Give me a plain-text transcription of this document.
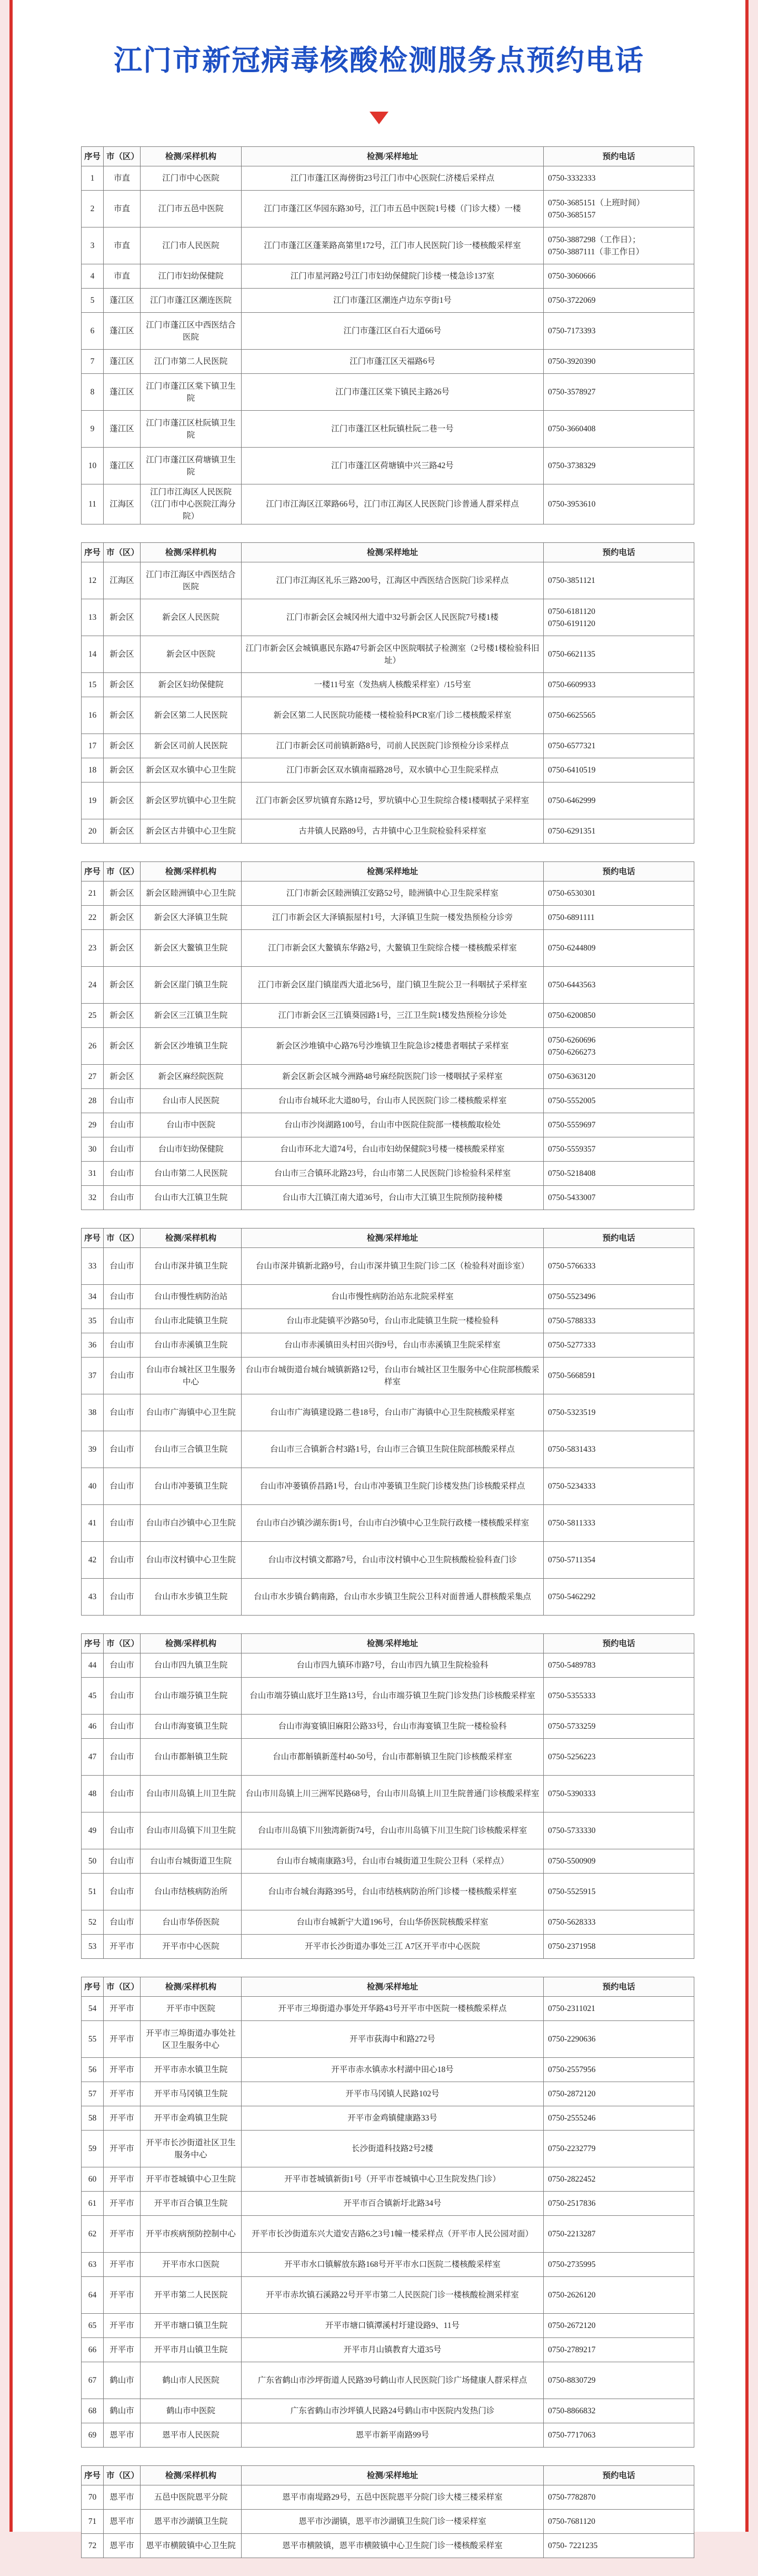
江门市新冠病毒核酸检测服务点预约电话
序号	市（区）	检测/采样机构	检测/采样地址	预约电话
1	市直	江门市中心医院	江门市蓬江区海傍街23号江门市中心医院仁济楼后采样点	0750-3332333
2	市直	江门市五邑中医院	江门市蓬江区华园东路30号，江门市五邑中医院1号楼（门诊大楼）一楼	0750-3685151（上班时间）
0750-3685157
3	市直	江门市人民医院	江门市蓬江区蓬莱路高第里172号，江门市人民医院门诊一楼核酸采样室	0750-3887298（工作日）；
0750-3887111（非工作日）
4	市直	江门市妇幼保健院	江门市星河路2号江门市妇幼保健院门诊楼一楼急诊137室	0750-3060666
5	蓬江区	江门市蓬江区潮连医院	江门市蓬江区潮连卢边东亨街1号	0750-3722069
6	蓬江区	江门市蓬江区中西医结合医院	江门市蓬江区白石大道66号	0750-7173393
7	蓬江区	江门市第二人民医院	江门市蓬江区天福路6号	0750-3920390
8	蓬江区	江门市蓬江区棠下镇卫生院	江门市蓬江区棠下镇民主路26号	0750-3578927
9	蓬江区	江门市蓬江区杜阮镇卫生院	江门市蓬江区杜阮镇杜阮二巷一号	0750-3660408
10	蓬江区	江门市蓬江区荷塘镇卫生院	江门市蓬江区荷塘镇中兴三路42号	0750-3738329
11	江海区	江门市江海区人民医院（江门市中心医院江海分院）	江门市江海区江翠路66号，江门市江海区人民医院门诊普通人群采样点	0750-3953610
序号	市（区）	检测/采样机构	检测/采样地址	预约电话
12	江海区	江门市江海区中西医结合医院	江门市江海区礼乐三路200号，江海区中西医结合医院门诊采样点	0750-3851121
13	新会区	新会区人民医院	江门市新会区会城冈州大道中32号新会区人民医院7号楼1楼	0750-6181120
0750-6191120
14	新会区	新会区中医院	江门市新会区会城镇惠民东路47号新会区中医院咽拭子检测室（2号楼1楼检验科旧址）	0750-6621135
15	新会区	新会区妇幼保健院	一楼11号室（发热病人核酸采样室）/15号室	0750-6609933
16	新会区	新会区第二人民医院	新会区第二人民医院功能楼一楼检验科PCR室/门诊二楼核酸采样室	0750-6625565
17	新会区	新会区司前人民医院	江门市新会区司前镇新路8号，司前人民医院门诊预检分诊采样点	0750-6577321
18	新会区	新会区双水镇中心卫生院	江门市新会区双水镇南福路28号，双水镇中心卫生院采样点	0750-6410519
19	新会区	新会区罗坑镇中心卫生院	江门市新会区罗坑镇育东路12号，罗坑镇中心卫生院综合楼1楼咽拭子采样室	0750-6462999
20	新会区	新会区古井镇中心卫生院	古井镇人民路89号，古井镇中心卫生院检验科采样室	0750-6291351
序号	市（区）	检测/采样机构	检测/采样地址	预约电话
21	新会区	新会区睦洲镇中心卫生院	江门市新会区睦洲镇江安路52号，睦洲镇中心卫生院采样室	0750-6530301
22	新会区	新会区大泽镇卫生院	江门市新会区大泽镇振屋村1号，大泽镇卫生院一楼发热预检分诊旁	0750-6891111
23	新会区	新会区大鳌镇卫生院	江门市新会区大鳌镇东华路2号，大鳌镇卫生院综合楼一楼核酸采样室	0750-6244809
24	新会区	新会区崖门镇卫生院	江门市新会区崖门镇崖西大道北56号，崖门镇卫生院公卫一科咽拭子采样室	0750-6443563
25	新会区	新会区三江镇卫生院	江门市新会区三江镇葵园路1号，三江卫生院1楼发热预检分诊处	0750-6200850
26	新会区	新会区沙堆镇卫生院	新会区沙堆镇中心路76号沙堆镇卫生院急诊2楼患者咽拭子采样室	0750-6260696
0750-6266273
27	新会区	新会区麻经院医院	新会区新会区城今洲路48号麻经院医院门诊一楼咽拭子采样室	0750-6363120
28	台山市	台山市人民医院	台山市台城环北大道80号，台山市人民医院门诊二楼核酸采样室	0750-5552005
29	台山市	台山市中医院	台山市沙岗湖路100号，台山市中医院住院部一楼核酸取检处	0750-5559697
30	台山市	台山市妇幼保健院	台山市环北大道74号，台山市妇幼保健院3号楼一楼核酸采样室	0750-5559357
31	台山市	台山市第二人民医院	台山市三合镇环北路23号，台山市第二人民医院门诊检验科采样室	0750-5218408
32	台山市	台山市大江镇卫生院	台山市大江镇江南大道36号，台山市大江镇卫生院预防接种楼	0750-5433007
序号	市（区）	检测/采样机构	检测/采样地址	预约电话
33	台山市	台山市深井镇卫生院	台山市深井镇新北路9号，台山市深井镇卫生院门诊二区（检验科对面诊室）	0750-5766333
34	台山市	台山市慢性病防治站	台山市慢性病防治站东北院采样室	0750-5523496
35	台山市	台山市北陡镇卫生院	台山市北陡镇平沙路50号，台山市北陡镇卫生院一楼检验科	0750-5788333
36	台山市	台山市赤溪镇卫生院	台山市赤溪镇田头村田兴街9号，台山市赤溪镇卫生院采样室	0750-5277333
37	台山市	台山市台城社区卫生服务中心	台山市台城街道台城台城镇新路12号，台山市台城社区卫生服务中心住院部核酸采样室	0750-5668591
38	台山市	台山市广海镇中心卫生院	台山市广海镇建设路二巷18号，台山市广海镇中心卫生院核酸采样室	0750-5323519
39	台山市	台山市三合镇卫生院	台山市三合镇新合村3路1号，台山市三合镇卫生院住院部核酸采样点	0750-5831433
40	台山市	台山市冲蒌镇卫生院	台山市冲蒌镇侨昌路1号，台山市冲蒌镇卫生院门诊楼发热门诊核酸采样点	0750-5234333
41	台山市	台山市白沙镇中心卫生院	台山市白沙镇沙湖东街1号，台山市白沙镇中心卫生院行政楼一楼核酸采样室	0750-5811333
42	台山市	台山市汶村镇中心卫生院	台山市汶村镇文都路7号，台山市汶村镇中心卫生院核酸检验科查门诊	0750-5711354
43	台山市	台山市水步镇卫生院	台山市水步镇台鹤南路，台山市水步镇卫生院公卫科对面普通人群核酸采集点	0750-5462292
序号	市（区）	检测/采样机构	检测/采样地址	预约电话
44	台山市	台山市四九镇卫生院	台山市四九镇环市路7号，台山市四九镇卫生院检验科	0750-5489783
45	台山市	台山市端芬镇卫生院	台山市端芬镇山底圩卫生路13号，台山市端芬镇卫生院门诊发热门诊核酸采样室	0750-5355333
46	台山市	台山市海宴镇卫生院	台山市海宴镇旧麻阳公路33号，台山市海宴镇卫生院一楼检验科	0750-5733259
47	台山市	台山市都斛镇卫生院	台山市都斛镇新莲村40-50号，台山市都斛镇卫生院门诊核酸采样室	0750-5256223
48	台山市	台山市川岛镇上川卫生院	台山市川岛镇上川三洲军民路68号，台山市川岛镇上川卫生院普通门诊核酸采样室	0750-5390333
49	台山市	台山市川岛镇下川卫生院	台山市川岛镇下川独湾新街74号，台山市川岛镇下川卫生院门诊核酸采样室	0750-5733330
50	台山市	台山市台城街道卫生院	台山市台城南康路3号，台山市台城街道卫生院公卫科（采样点）	0750-5500909
51	台山市	台山市结核病防治所	台山市台城台海路395号，台山市结核病防治所门诊楼一楼核酸采样室	0750-5525915
52	台山市	台山市华侨医院	台山市台城新宁大道196号，台山华侨医院核酸采样室	0750-5628333
53	开平市	开平市中心医院	开平市长沙街道办事处三江 A7区开平市中心医院	0750-2371958
序号	市（区）	检测/采样机构	检测/采样地址	预约电话
54	开平市	开平市中医院	开平市三埠街道办事处开华路43号开平市中医院一楼核酸采样点	0750-2311021
55	开平市	开平市三埠街道办事处社区卫生服务中心	开平市荻海中和路272号	0750-2290636
56	开平市	开平市赤水镇卫生院	开平市赤水镇赤水村湖中田心18号	0750-2557956
57	开平市	开平市马冈镇卫生院	开平市马冈镇人民路102号	0750-2872120
58	开平市	开平市金鸡镇卫生院	开平市金鸡镇健康路33号	0750-2555246
59	开平市	开平市长沙街道社区卫生服务中心	长沙街道科技路2号2楼	0750-2232779
60	开平市	开平市苍城镇中心卫生院	开平市苍城镇新街1号（开平市苍城镇中心卫生院发热门诊）	0750-2822452
61	开平市	开平市百合镇卫生院	开平市百合镇新圩北路34号	0750-2517836
62	开平市	开平市疾病预防控制中心	开平市长沙街道东兴大道安吉路6之3号1幢一楼采样点（开平市人民公园对面）	0750-2213287
63	开平市	开平市水口医院	开平市水口镇解放东路168号开平市水口医院二楼核酸采样室	0750-2735995
64	开平市	开平市第二人民医院	开平市赤坎镇石溪路22号开平市第二人民医院门诊一楼核酸检测采样室	0750-2626120
65	开平市	开平市塘口镇卫生院	开平市塘口镇潭溪村圩建设路9、11号	0750-2672120
66	开平市	开平市月山镇卫生院	开平市月山镇教育大道35号	0750-2789217
67	鹤山市	鹤山市人民医院	广东省鹤山市沙坪街道人民路39号鹤山市人民医院门诊广场健康人群采样点	0750-8830729
68	鹤山市	鹤山市中医院	广东省鹤山市沙坪镇人民路24号鹤山市中医院内发热门诊	0750-8866832
69	恩平市	恩平市人民医院	恩平市新平南路99号	0750-7717063
序号	市（区）	检测/采样机构	检测/采样地址	预约电话
70	恩平市	五邑中医院恩平分院	恩平市南堤路29号，五邑中医院恩平分院门诊大楼三楼采样室	0750-7782870
71	恩平市	恩平市沙湖镇卫生院	恩平市沙湖镇，恩平市沙湖镇卫生院门诊一楼采样室	0750-7681120
72	恩平市	恩平市横陂镇中心卫生院	恩平市横陂镇，恩平市横陂镇中心卫生院门诊一楼核酸采样室	0750- 7221235
